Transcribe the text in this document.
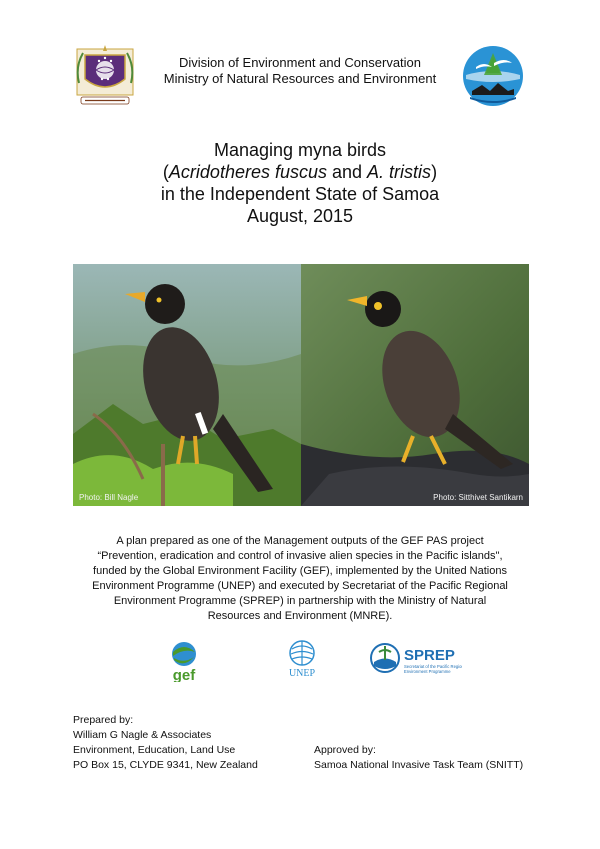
Division of Environment and Conservation
Ministry of Natural Resources and Environment
Managing myna birds
(Acridotheres fuscus and A. tristis)
in the Independent State of Samoa
August, 2015
Photo: Bill Nagle	Photo: Sitthivet Santikarn
A plan prepared as one of the Management outputs of the GEF PAS project
“Prevention, eradication and control of invasive alien species in the Pacific islands",
funded by the Global Environment Facility (GEF), implemented by the United Nations
Environment Programme (UNEP) and executed by Secretariat of the Pacific Regional
Environment Programme (SPREP) in partnership with the Ministry of Natural
Resources and Environment (MNRE).
gef	UNEP
SPREP
Secretariat of the Pacific Regional
Environment Programme
Prepared by:
William G Nagle & Associates
Environment, Education, Land Use
PO Box 15, CLYDE 9341, New Zealand
Approved by:
Samoa National Invasive Task Team (SNITT)
